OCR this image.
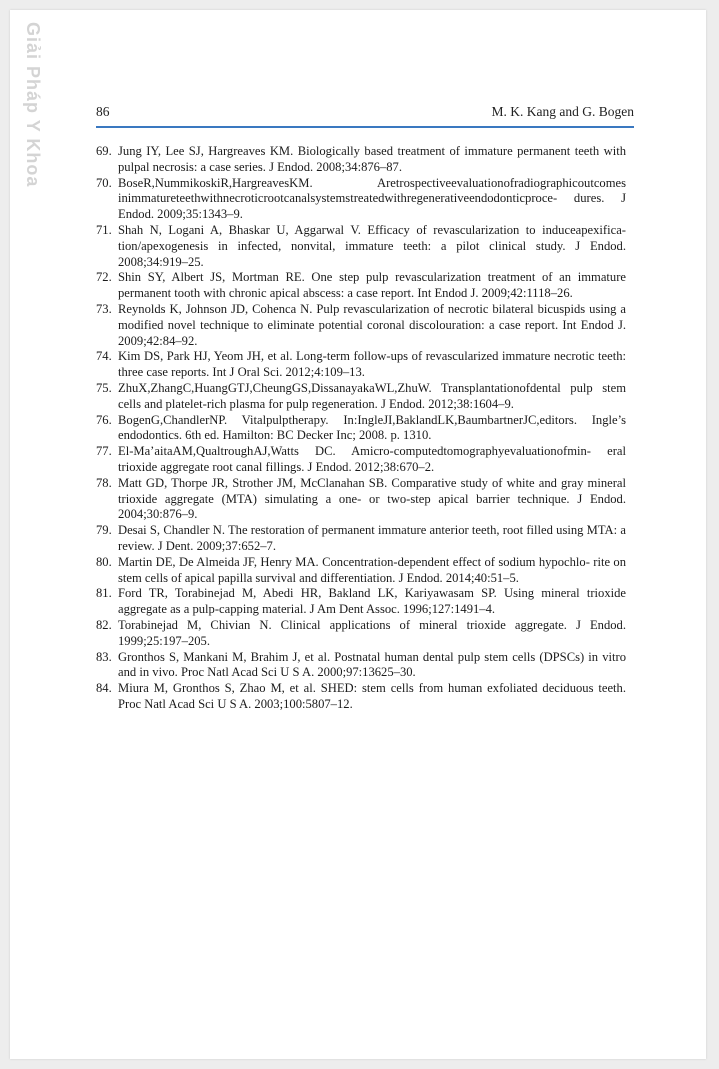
Giải Pháp Y Khoa	86	M. K. Kang and G. Bogen
69. Jung IY, Lee SJ, Hargreaves KM. Biologically based treatment of immature permanent teeth with pulpal necrosis: a case series. J Endod. 2008;34:876–87.
70. BoseR,NummikoskiR,HargreavesKM. Aretrospectiveevaluationofradiographicoutcomes inimmatureteethwithnecroticrootcanalsystemstreatedwithregenerativeendodonticproce- dures. J Endod. 2009;35:1343–9.
71. Shah N, Logani A, Bhaskar U, Aggarwal V. Efficacy of revascularization to induceapexifica- tion/apexogenesis in infected, nonvital, immature teeth: a pilot clinical study. J Endod. 2008;34:919–25.
72. Shin SY, Albert JS, Mortman RE. One step pulp revascularization treatment of an immature permanent tooth with chronic apical abscess: a case report. Int Endod J. 2009;42:1118–26.
73. Reynolds K, Johnson JD, Cohenca N. Pulp revascularization of necrotic bilateral bicuspids using a modified novel technique to eliminate potential coronal discolouration: a case report. Int Endod J. 2009;42:84–92.
74. Kim DS, Park HJ, Yeom JH, et al. Long-term follow-ups of revascularized immature necrotic teeth: three case reports. Int J Oral Sci. 2012;4:109–13.
75. ZhuX,ZhangC,HuangGTJ,CheungGS,DissanayakaWL,ZhuW. Transplantationofdental pulp stem cells and platelet-rich plasma for pulp regeneration. J Endod. 2012;38:1604–9.
76. BogenG,ChandlerNP. Vitalpulptherapy. In:IngleJI,BaklandLK,BaumbartnerJC,editors. Ingle’s endodontics. 6th ed. Hamilton: BC Decker Inc; 2008. p. 1310.
77. El-Ma’aitaAM,QualtroughAJ,Watts DC. Amicro-computedtomographyevaluationofmin- eral trioxide aggregate root canal fillings. J Endod. 2012;38:670–2.
78. Matt GD, Thorpe JR, Strother JM, McClanahan SB. Comparative study of white and gray mineral trioxide aggregate (MTA) simulating a one- or two-step apical barrier technique. J Endod. 2004;30:876–9.
79. Desai S, Chandler N. The restoration of permanent immature anterior teeth, root filled using MTA: a review. J Dent. 2009;37:652–7.
80. Martin DE, De Almeida JF, Henry MA. Concentration-dependent effect of sodium hypochlo- rite on stem cells of apical papilla survival and differentiation. J Endod. 2014;40:51–5.
81. Ford TR, Torabinejad M, Abedi HR, Bakland LK, Kariyawasam SP. Using mineral trioxide aggregate as a pulp-capping material. J Am Dent Assoc. 1996;127:1491–4.
82. Torabinejad M, Chivian N. Clinical applications of mineral trioxide aggregate. J Endod. 1999;25:197–205.
83. Gronthos S, Mankani M, Brahim J, et al. Postnatal human dental pulp stem cells (DPSCs) in vitro and in vivo. Proc Natl Acad Sci U S A. 2000;97:13625–30.
84. Miura M, Gronthos S, Zhao M, et al. SHED: stem cells from human exfoliated deciduous teeth. Proc Natl Acad Sci U S A. 2003;100:5807–12.
